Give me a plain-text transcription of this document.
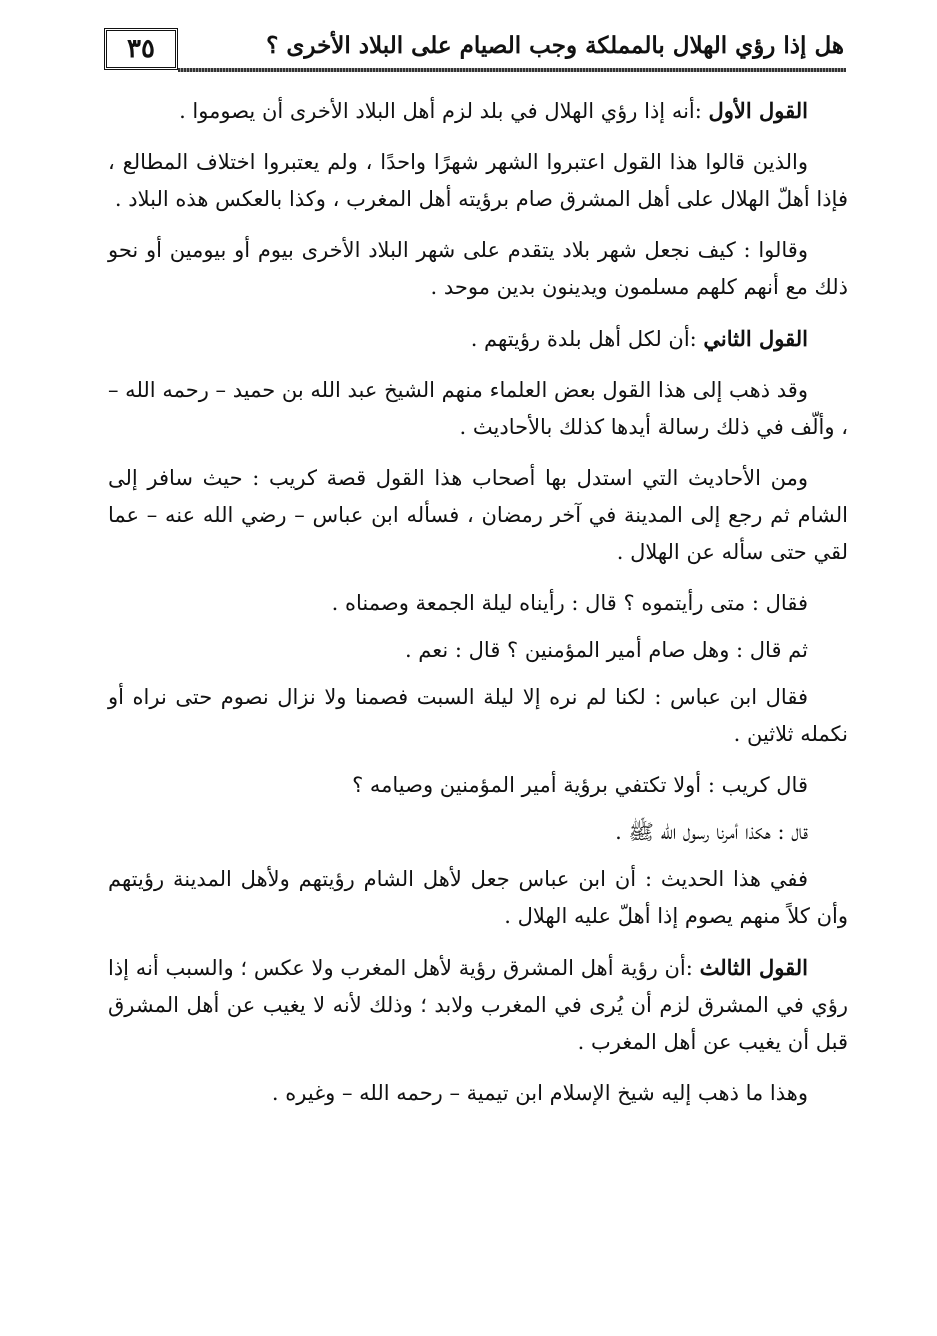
٣٥	هل إذا رؤي الهلال بالمملكة وجب الصيام على البلاد الأخرى ؟

القول الأول :أنه إذا رؤي الهلال في بلد لزم أهل البلاد الأخرى أن يصوموا .

والذين قالوا هذا القول اعتبروا الشهر شهرًا واحدًا ، ولم يعتبروا اختلاف المطالع ، فإذا أهلّ الهلال على أهل المشرق صام برؤيته أهل المغرب ، وكذا بالعكس هذه البلاد .

وقالوا : كيف نجعل شهر بلاد يتقدم على شهر البلاد الأخرى بيوم أو بيومين أو نحو ذلك مع أنهم كلهم مسلمون ويدينون بدين موحد .

القول الثاني :أن لكل أهل بلدة رؤيتهم .

وقد ذهب إلى هذا القول بعض العلماء منهم الشيخ عبد الله بن حميد – رحمه الله – ، وألّف في ذلك رسالة أيدها كذلك بالأحاديث .

ومن الأحاديث التي استدل بها أصحاب هذا القول قصة كريب : حيث سافر إلى الشام ثم رجع إلى المدينة في آخر رمضان ، فسأله ابن عباس – رضي الله عنه – عما لقي حتى سأله عن الهلال .

فقال : متى رأيتموه ؟ قال : رأيناه ليلة الجمعة وصمناه .

ثم قال : وهل صام أمير المؤمنين ؟ قال : نعم .

فقال ابن عباس : لكنا لم نره إلا ليلة السبت فصمنا ولا نزال نصوم حتى نراه أو نكمله ثلاثين .

قال كريب : أولا تكتفي برؤية أمير المؤمنين وصيامه ؟

قال : هكذا أمرنا رسول الله ﷺ .

ففي هذا الحديث : أن ابن عباس جعل لأهل الشام رؤيتهم ولأهل المدينة رؤيتهم وأن كلاً منهم يصوم إذا أهلّ عليه الهلال .

القول الثالث :أن رؤية أهل المشرق رؤية لأهل المغرب ولا عكس ؛ والسبب أنه إذا رؤي في المشرق لزم أن يُرى في المغرب ولابد ؛ وذلك لأنه لا يغيب عن أهل المشرق قبل أن يغيب عن أهل المغرب .

وهذا ما ذهب إليه شيخ الإسلام ابن تيمية – رحمه الله – وغيره .
